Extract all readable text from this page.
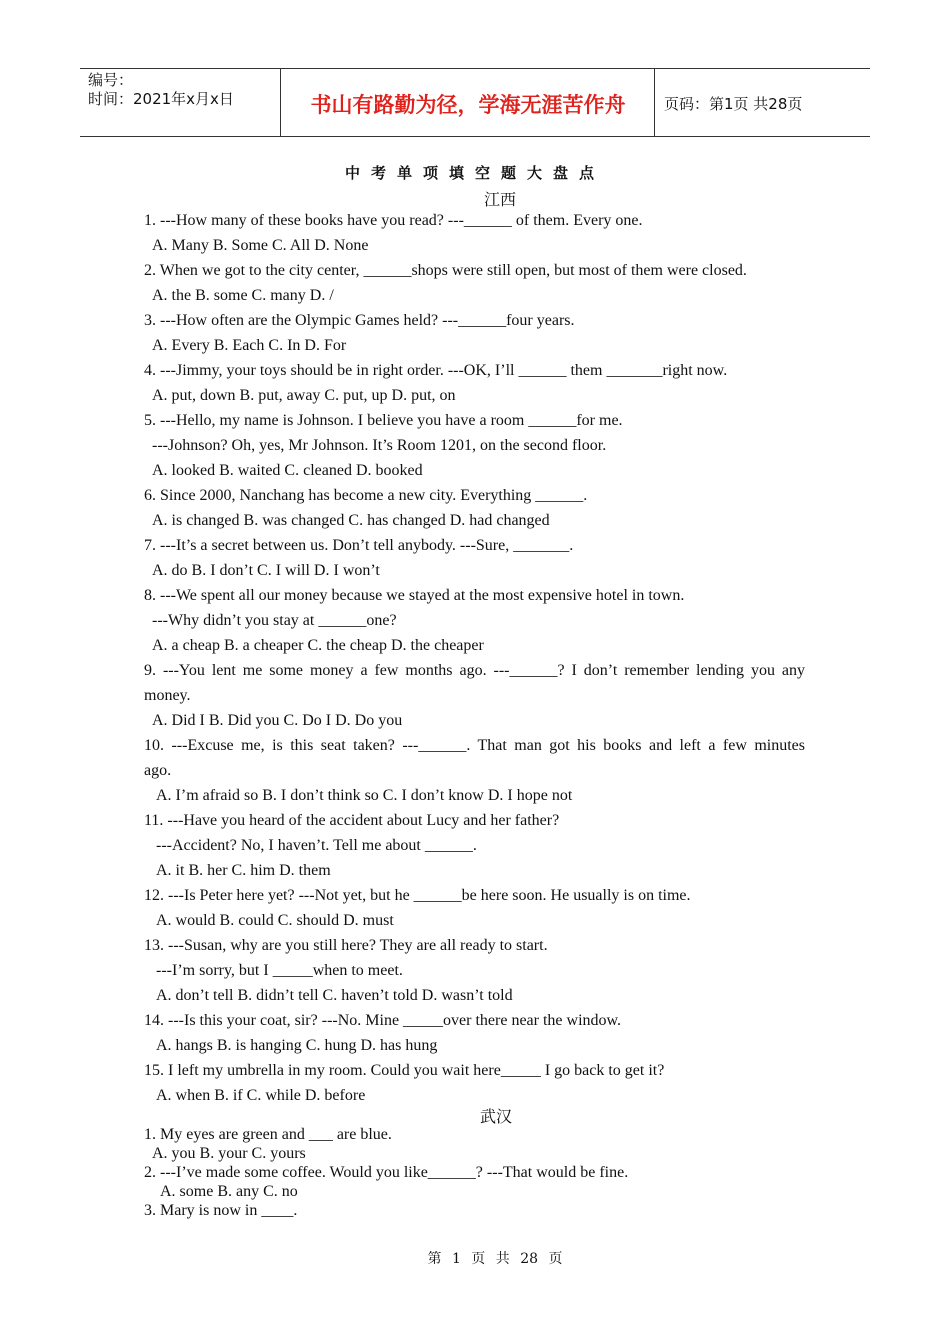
编号：
时间：2021年x月x日	书山有路勤为径，学海无涯苦作舟	页码：第1页 共28页
中考单项填空题大盘点
江西
1. ---How many of these books have you read? ---______ of them. Every one.
A. Many B. Some C. All D. None
2. When we got to the city center, ______shops were still open, but most of them were closed.
A. the B. some C. many D. /
3. ---How often are the Olympic Games held? ---______four years.
A. Every B. Each C. In D. For
4. ---Jimmy, your toys should be in right order. ---OK, I’ll ______ them _______right now.
A. put, down B. put, away C. put, up D. put, on
5. ---Hello, my name is Johnson. I believe you have a room ______for me.
---Johnson? Oh, yes, Mr Johnson. It’s Room 1201, on the second floor.
A. looked B. waited C. cleaned D. booked
6. Since 2000, Nanchang has become a new city. Everything ______.
A. is changed B. was changed C. has changed D. had changed
7. ---It’s a secret between us. Don’t tell anybody. ---Sure, _______.
A. do B. I don’t C. I will D. I won’t
8. ---We spent all our money because we stayed at the most expensive hotel in town.
---Why didn’t you stay at ______one?
A. a cheap B. a cheaper C. the cheap D. the cheaper
9. ---You lent me some money a few months ago. ---______? I don’t remember lending you any
money.
A. Did I B. Did you C. Do I D. Do you
10. ---Excuse me, is this seat taken? ---______. That man got his books and left a few minutes
ago.
A. I’m afraid so B. I don’t think so C. I don’t know D. I hope not
11. ---Have you heard of the accident about Lucy and her father?
---Accident? No, I haven’t. Tell me about ______.
A. it B. her C. him D. them
12. ---Is Peter here yet? ---Not yet, but he ______be here soon. He usually is on time.
A. would B. could C. should D. must
13. ---Susan, why are you still here? They are all ready to start.
---I’m sorry, but I _____when to meet.
A. don’t tell B. didn’t tell C. haven’t told D. wasn’t told
14. ---Is this your coat, sir? ---No. Mine _____over there near the window.
A. hangs B. is hanging C. hung D. has hung
15. I left my umbrella in my room. Could you wait here_____ I go back to get it?
A. when B. if C. while D. before
武汉
1. My eyes are green and ___ are blue.
A. you B. your C. yours
2. ---I’ve made some coffee. Would you like______? ---That would be fine.
A. some B. any C. no
3. Mary is now in ____.
第 1 页 共 28 页
